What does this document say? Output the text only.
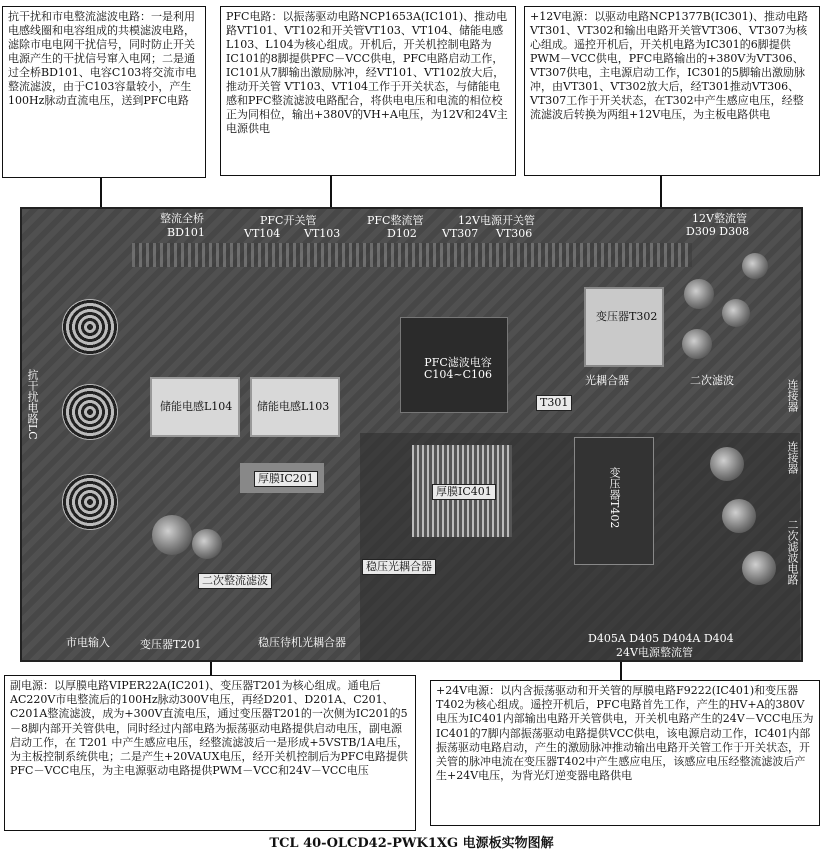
抗干扰和市电整流滤波电路：一是利用电感线圈和电容组成的共模滤波电路，滤除市电电网干扰信号，同时防止开关电源产生的干扰信号窜入电网；二是通过全桥BD101、电容C103将交流市电整流滤波，由于C103容量较小，产生100Hz脉动直流电压，送到PFC电路
PFC电路：以振荡驱动电路NCP1653A(IC101)、推动电路VT101、VT102和开关管VT103、VT104、储能电感L103、L104为核心组成。开机后，开关机控制电路为IC101的8脚提供PFC－VCC供电，PFC电路启动工作，IC101从7脚输出激励脉冲，经VT101、VT102放大后，推动开关管 VT103、VT104工作于开关状态，与储能电感和PFC整流滤波电路配合，将供电电压和电流的相位校正为同相位，输出+380V的VH+A电压，为12V和24V主电源供电
+12V电源：以驱动电路NCP1377B(IC301)、推动电路VT301、VT302和输出电路开关管VT306、VT307为核心组成。遥控开机后，开关机电路为IC301的6脚提供PWM－VCC供电，PFC电路输出的+380V为VT306、VT307供电，主电源启动工作，IC301的5脚输出激励脉冲，由VT301、VT302放大后，经T301推动VT306、VT307工作于开关状态，在T302中产生感应电压，经整流滤波后转换为两组+12V电压，为主板电路供电
副电源：以厚膜电路VIPER22A(IC201)、变压器T201为核心组成。通电后AC220V市电整流后的100Hz脉动300V电压，再经D201、D201A、C201、C201A整流滤波，成为+300V直流电压，通过变压器T201的一次侧为IC201的5－8脚内部开关管供电，同时经过内部电路为振荡驱动电路提供启动电压，副电源启动工作，在 T201 中产生感应电压，经整流滤波后一是形成+5VSTB/1A电压，为主板控制系统供电；二是产生+20VAUX电压，经开关机控制后为PFC电路提供PFC－VCC电压，为主电源驱动电路提供PWM－VCC和24V－VCC电压
+24V电源：以内含振荡驱动和开关管的厚膜电路F9222(IC401)和变压器T402为核心组成。遥控开机后，PFC电路首先工作，产生的HV+A的380V电压为IC401内部输出电路开关管供电，开关机电路产生的24V－VCC电压为IC401的7脚内部振荡驱动电路提供VCC供电，该电源启动工作，IC401内部振荡驱动电路启动，产生的激励脉冲推动输出电路开关管工作于开关状态，开关管的脉冲电流在变压器T402中产生感应电压，该感应电压经整流滤波后产生+24V电压，为背光灯逆变器电路供电
整流全桥
BD101
PFC开关管
VT104 VT103
PFC整流管
D102
12V电源开关管
VT307 VT306
12V整流管
D309 D308
抗干扰电路LC	储能电感L104 储能电感L103
PFC滤波电容
C104~C106
变压器T302
光耦合器
T301
二次滤波	连接器
厚膜IC401	变压器T402
连接器
二次滤波电路
厚膜IC201
稳压光耦合器
二次整流滤波
市电输入	变压器T201	稳压待机光耦合器	D405A D405 D404A D404
24V电源整流管
TCL 40-OLCD42-PWK1XG 电源板实物图解
